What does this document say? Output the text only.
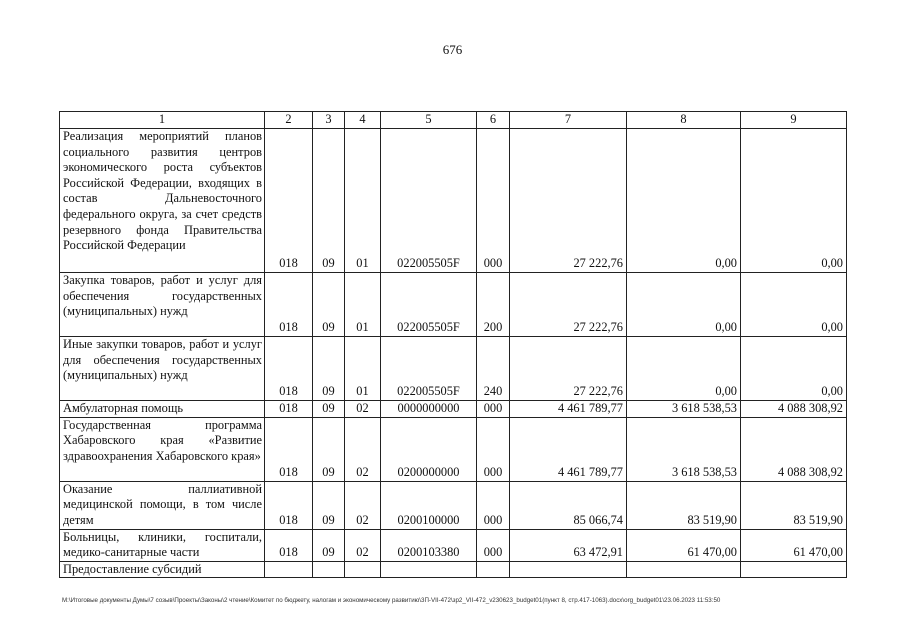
676
1	2	3	4	5	6	7	8	9
Реализация мероприятий планов социального развития центров экономического роста субъектов Российской Федерации, входящих в состав Дальневосточного федерального округа, за счет средств резервного фонда Правительства Российской Федерации	018	09	01	022005505F	000	27 222,76	0,00	0,00
Закупка товаров, работ и услуг для обеспечения государственных (муниципальных) нужд	018	09	01	022005505F	200	27 222,76	0,00	0,00
Иные закупки товаров, работ и услуг для обеспечения государственных (муниципальных) нужд	018	09	01	022005505F	240	27 222,76	0,00	0,00
Амбулаторная помощь	018	09	02	0000000000	000	4 461 789,77	3 618 538,53	4 088 308,92
Государственная программа Хабаровского края «Развитие здравоохранения Хабаровского края»	018	09	02	0200000000	000	4 461 789,77	3 618 538,53	4 088 308,92
Оказание паллиативной медицинской помощи, в том числе детям	018	09	02	0200100000	000	85 066,74	83 519,90	83 519,90
Больницы, клиники, госпитали, медико-санитарные части	018	09	02	0200103380	000	63 472,91	61 470,00	61 470,00
Предоставление субсидий								
M:\Итоговые документы Думы\7 созыв\Проекты\Законы\2 чтение\Комитет по бюджету, налогам и экономическому развитию\3П-VII-472\зр2_VII-472_v230623_budget01(пункт 8, стр.417-1063).docx\org_budget01\23.06.2023 11:53:50
